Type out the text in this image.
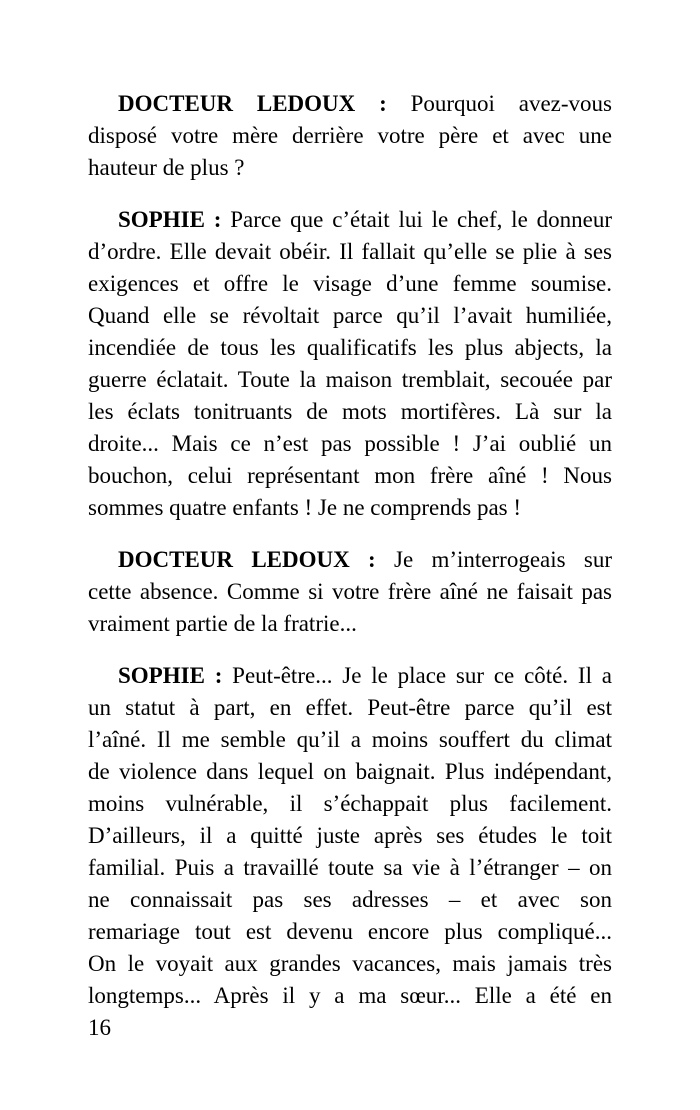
DOCTEUR LEDOUX : Pourquoi avez-vous
disposé votre mère derrière votre père et avec une
hauteur de plus ?

SOPHIE : Parce que c’était lui le chef, le donneur
d’ordre. Elle devait obéir. Il fallait qu’elle se plie à ses
exigences et offre le visage d’une femme soumise.
Quand elle se révoltait parce qu’il l’avait humiliée,
incendiée de tous les qualificatifs les plus abjects, la
guerre éclatait. Toute la maison tremblait, secouée par
les éclats tonitruants de mots mortifères. Là sur la
droite... Mais ce n’est pas possible ! J’ai oublié un
bouchon, celui représentant mon frère aîné ! Nous
sommes quatre enfants ! Je ne comprends pas !

DOCTEUR LEDOUX : Je m’interrogeais sur
cette absence. Comme si votre frère aîné ne faisait pas
vraiment partie de la fratrie...

SOPHIE : Peut-être... Je le place sur ce côté. Il a
un statut à part, en effet. Peut-être parce qu’il est
l’aîné. Il me semble qu’il a moins souffert du climat
de violence dans lequel on baignait. Plus indépendant,
moins vulnérable, il s’échappait plus facilement.
D’ailleurs, il a quitté juste après ses études le toit
familial. Puis a travaillé toute sa vie à l’étranger – on
ne connaissait pas ses adresses – et avec son
remariage tout est devenu encore plus compliqué...
On le voyait aux grandes vacances, mais jamais très
longtemps... Après il y a ma sœur... Elle a été en

16
